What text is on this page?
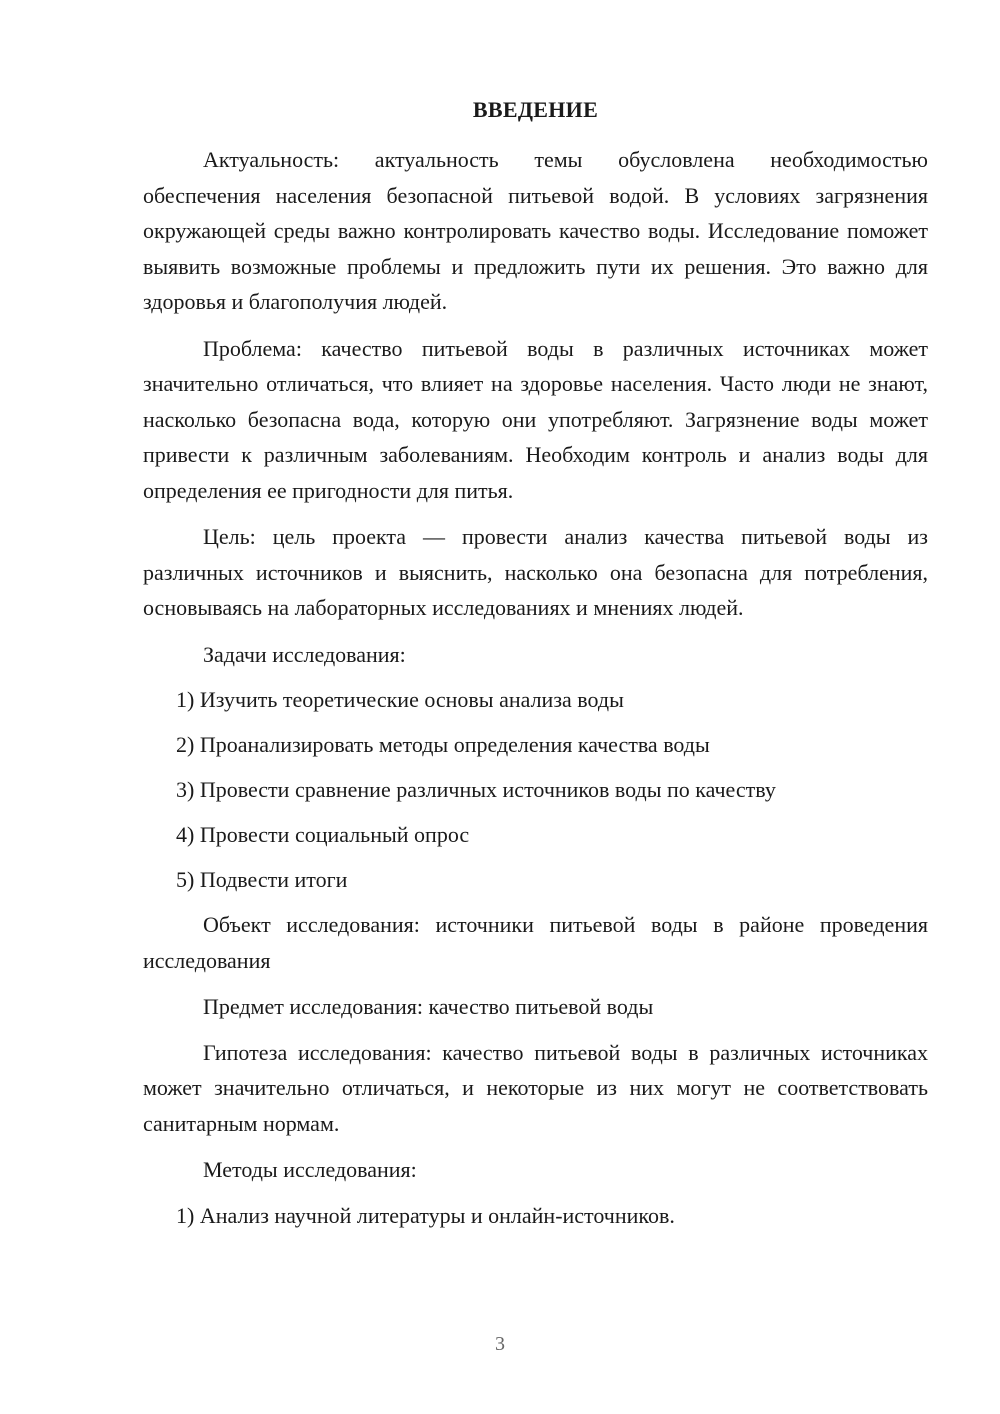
ВВЕДЕНИЕ

Актуальность: актуальность темы обусловлена необходимостью обеспечения населения безопасной питьевой водой. В условиях загрязнения окружающей среды важно контролировать качество воды. Исследование поможет выявить возможные проблемы и предложить пути их решения. Это важно для здоровья и благополучия людей.

Проблема: качество питьевой воды в различных источниках может значительно отличаться, что влияет на здоровье населения. Часто люди не знают, насколько безопасна вода, которую они употребляют. Загрязнение воды может привести к различным заболеваниям. Необходим контроль и анализ воды для определения ее пригодности для питья.

Цель: цель проекта — провести анализ качества питьевой воды из различных источников и выяснить, насколько она безопасна для потребления, основываясь на лабораторных исследованиях и мнениях людей.

Задачи исследования:

1) Изучить теоретические основы анализа воды
2) Проанализировать методы определения качества воды
3) Провести сравнение различных источников воды по качеству
4) Провести социальный опрос
5) Подвести итоги

Объект исследования: источники питьевой воды в районе проведения исследования

Предмет исследования: качество питьевой воды

Гипотеза исследования: качество питьевой воды в различных источниках может значительно отличаться, и некоторые из них могут не соответствовать санитарным нормам.

Методы исследования:

1) Анализ научной литературы и онлайн-источников.
3
